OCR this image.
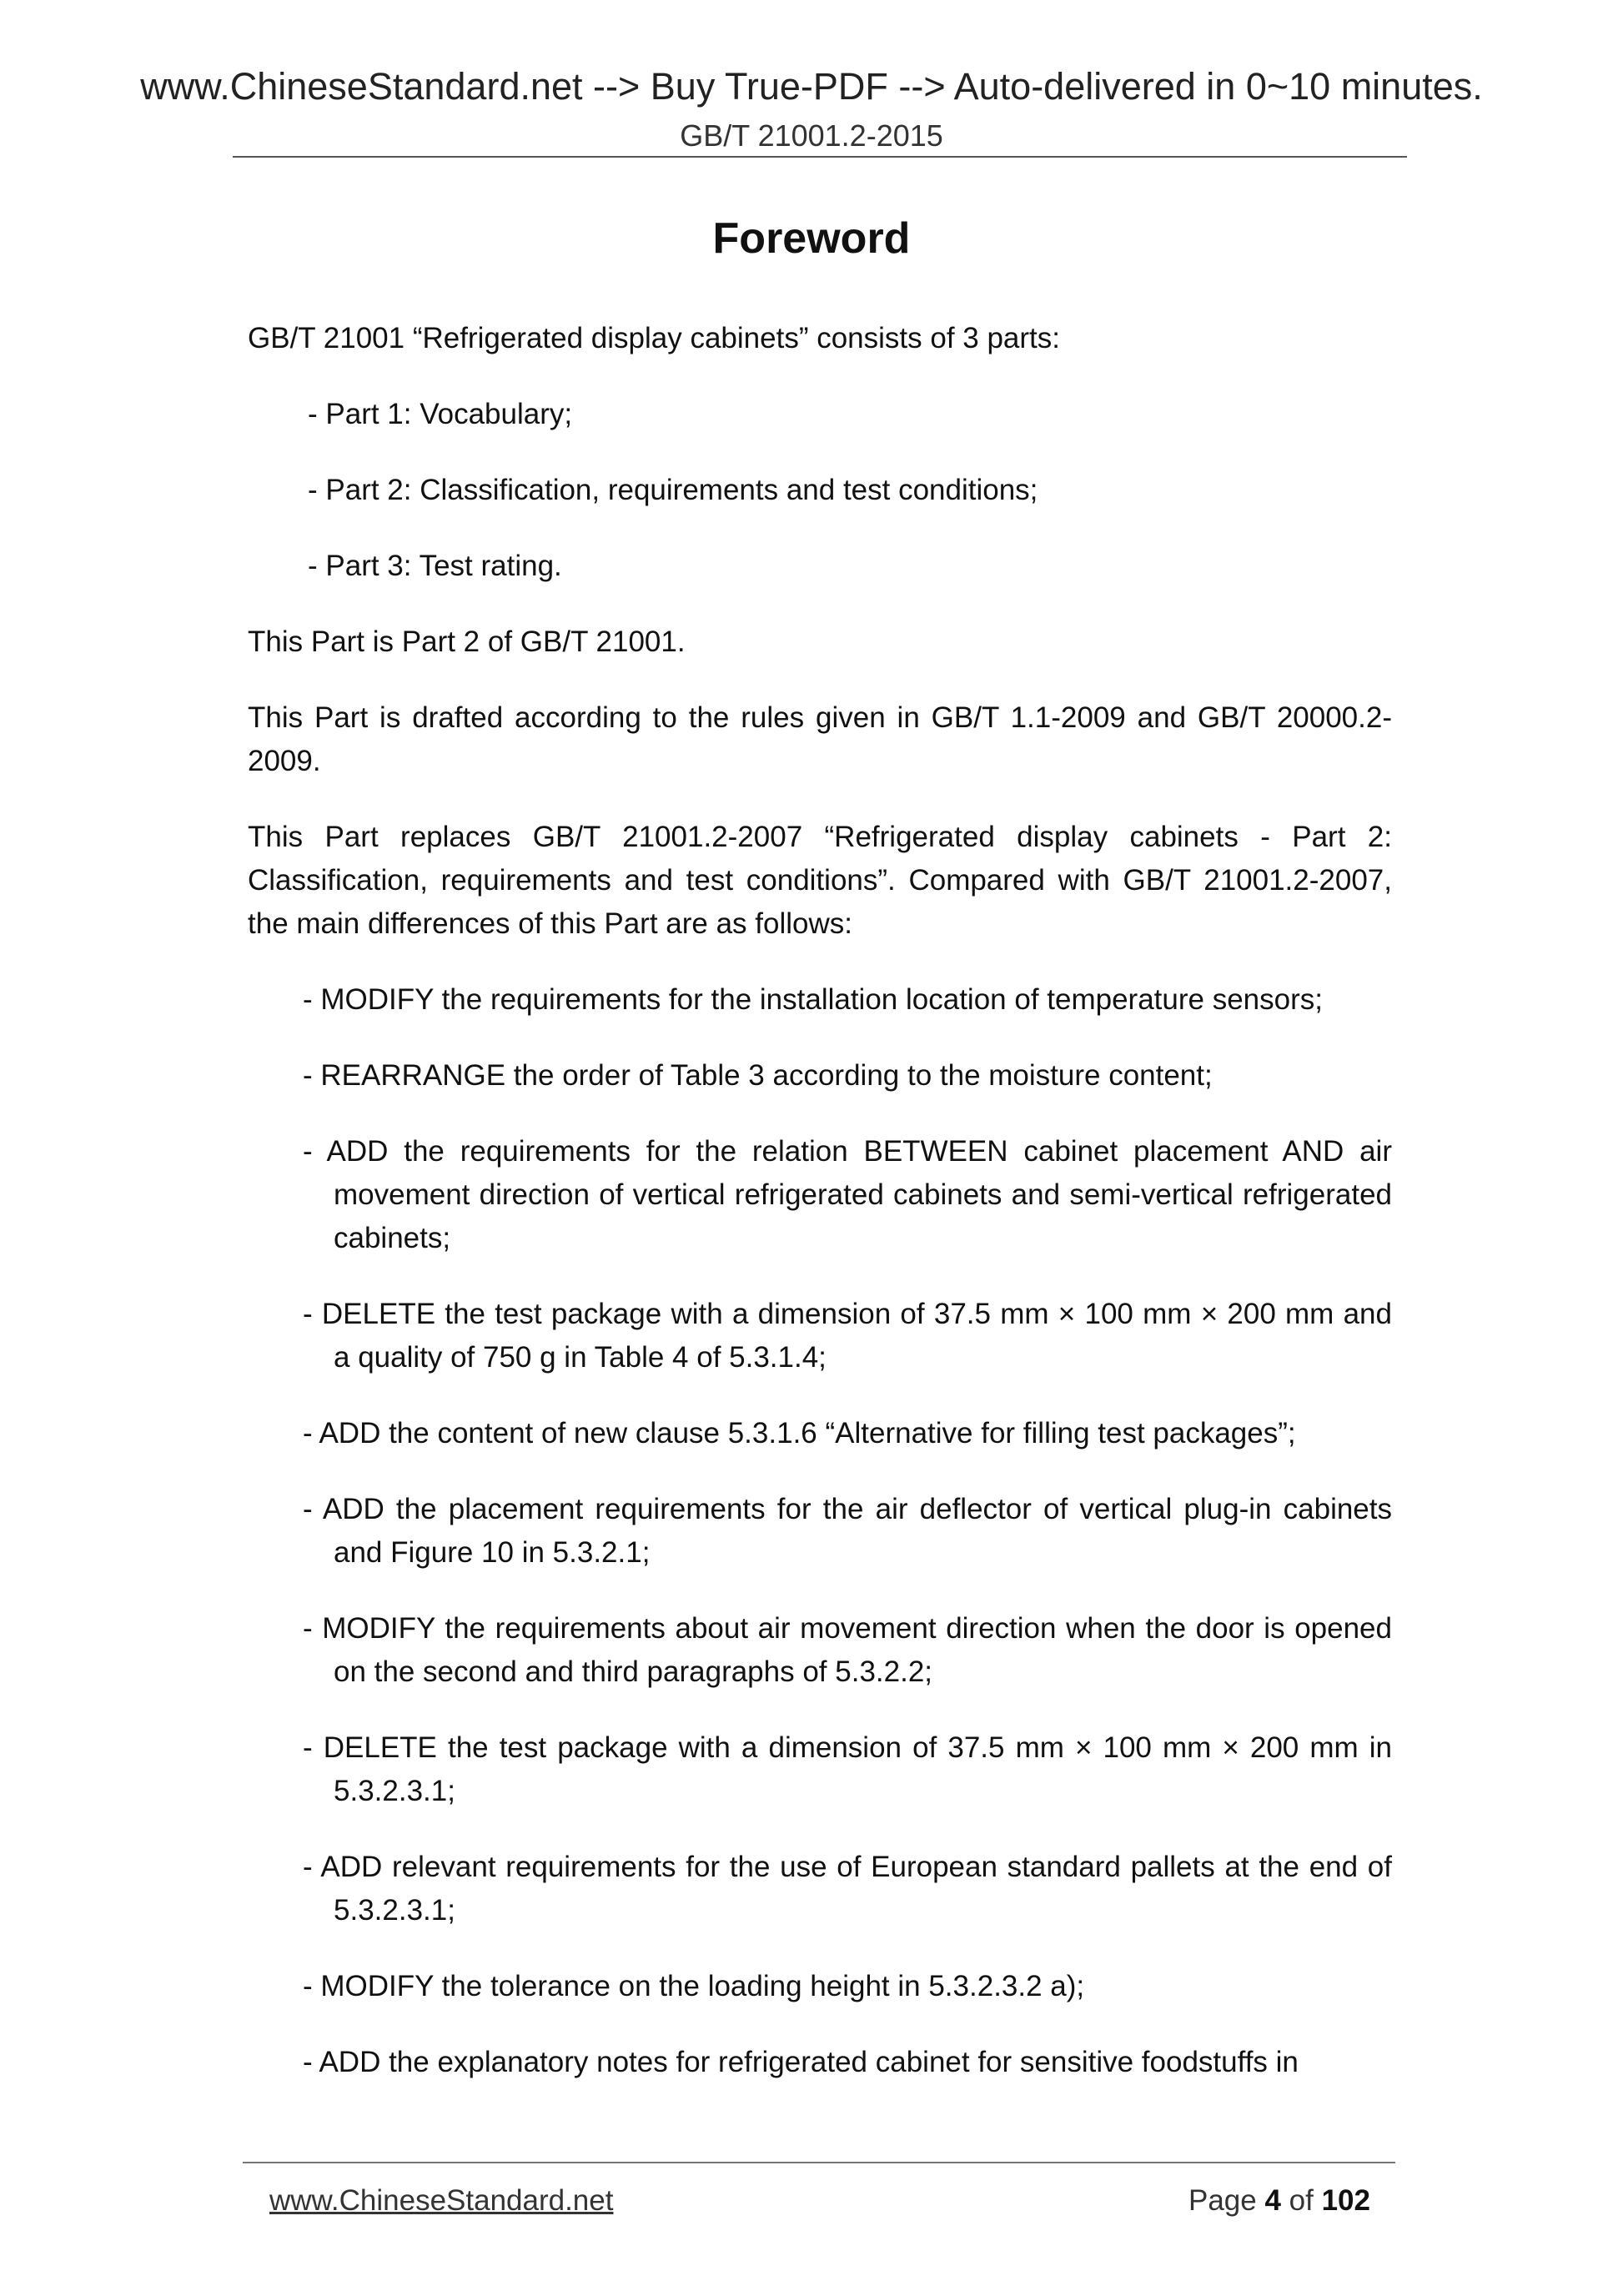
www.ChineseStandard.net --> Buy True-PDF --> Auto-delivered in 0~10 minutes.
GB/T 21001.2-2015
Foreword

GB/T 21001 “Refrigerated display cabinets” consists of 3 parts:

- Part 1: Vocabulary;

- Part 2: Classification, requirements and test conditions;

- Part 3: Test rating.

This Part is Part 2 of GB/T 21001.

This Part is drafted according to the rules given in GB/T 1.1-2009 and GB/T 20000.2-2009.

This Part replaces GB/T 21001.2-2007 “Refrigerated display cabinets - Part 2: Classification, requirements and test conditions”. Compared with GB/T 21001.2-2007, the main differences of this Part are as follows:

- MODIFY the requirements for the installation location of temperature sensors;

- REARRANGE the order of Table 3 according to the moisture content;

- ADD the requirements for the relation BETWEEN cabinet placement AND air movement direction of vertical refrigerated cabinets and semi-vertical refrigerated cabinets;

- DELETE the test package with a dimension of 37.5 mm × 100 mm × 200 mm and a quality of 750 g in Table 4 of 5.3.1.4;

- ADD the content of new clause 5.3.1.6 “Alternative for filling test packages”;

- ADD the placement requirements for the air deflector of vertical plug-in cabinets and Figure 10 in 5.3.2.1;

- MODIFY the requirements about air movement direction when the door is opened on the second and third paragraphs of 5.3.2.2;

- DELETE the test package with a dimension of 37.5 mm × 100 mm × 200 mm in 5.3.2.3.1;

- ADD relevant requirements for the use of European standard pallets at the end of 5.3.2.3.1;

- MODIFY the tolerance on the loading height in 5.3.2.3.2 a);

- ADD the explanatory notes for refrigerated cabinet for sensitive foodstuffs in

www.ChineseStandard.net	Page 4 of 102
